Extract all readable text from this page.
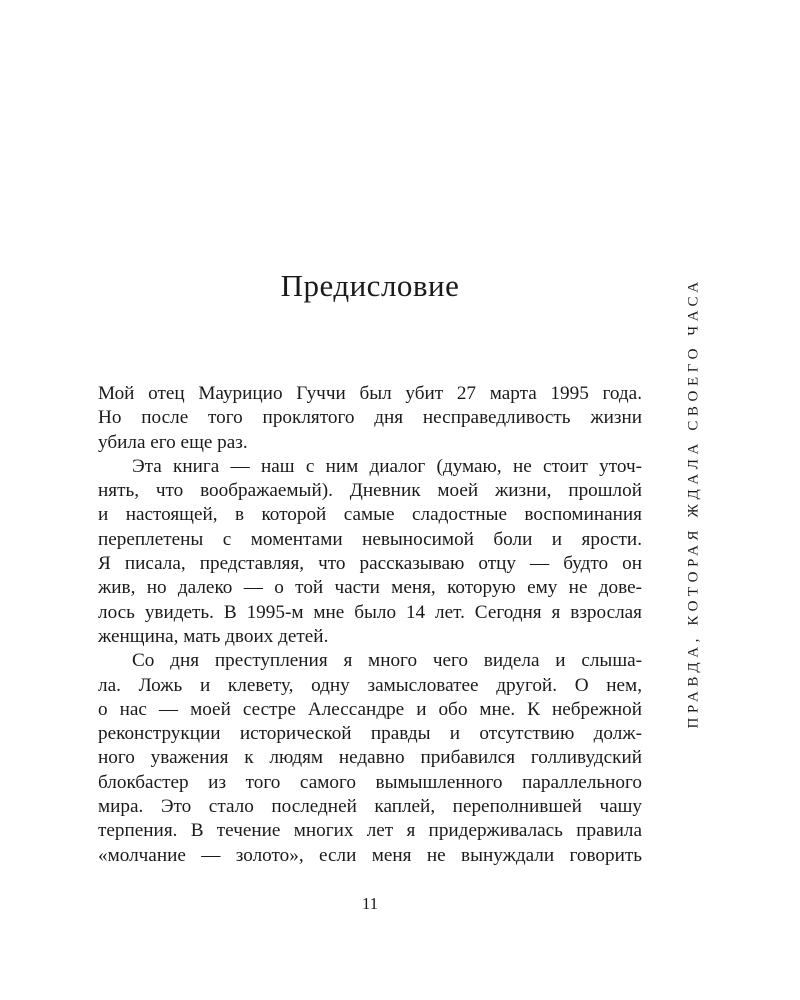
Предисловие
Мой отец Маурицио Гуччи был убит 27 марта 1995 года.
Но после того проклятого дня несправедливость жизни
убила его еще раз.
Эта книга — наш с ним диалог (думаю, не стоит уточ-
нять, что воображаемый). Дневник моей жизни, прошлой
и настоящей, в которой самые сладостные воспоминания
переплетены с моментами невыносимой боли и ярости.
Я писала, представляя, что рассказываю отцу — будто он
жив, но далеко — о той части меня, которую ему не дове-
лось увидеть. В 1995-м мне было 14 лет. Сегодня я взрослая
женщина, мать двоих детей.
Со дня преступления я много чего видела и слыша-
ла. Ложь и клевету, одну замысловатее другой. О нем,
о нас — моей сестре Алессандре и обо мне. К небрежной
реконструкции исторической правды и отсутствию долж-
ного уважения к людям недавно прибавился голливудский
блокбастер из того самого вымышленного параллельного
мира. Это стало последней каплей, переполнившей чашу
терпения. В течение многих лет я придерживалась правила
«молчание — золото», если меня не вынуждали говорить
11
ПРАВДА, КОТОРАЯ ЖДАЛА СВОЕГО ЧАСА
